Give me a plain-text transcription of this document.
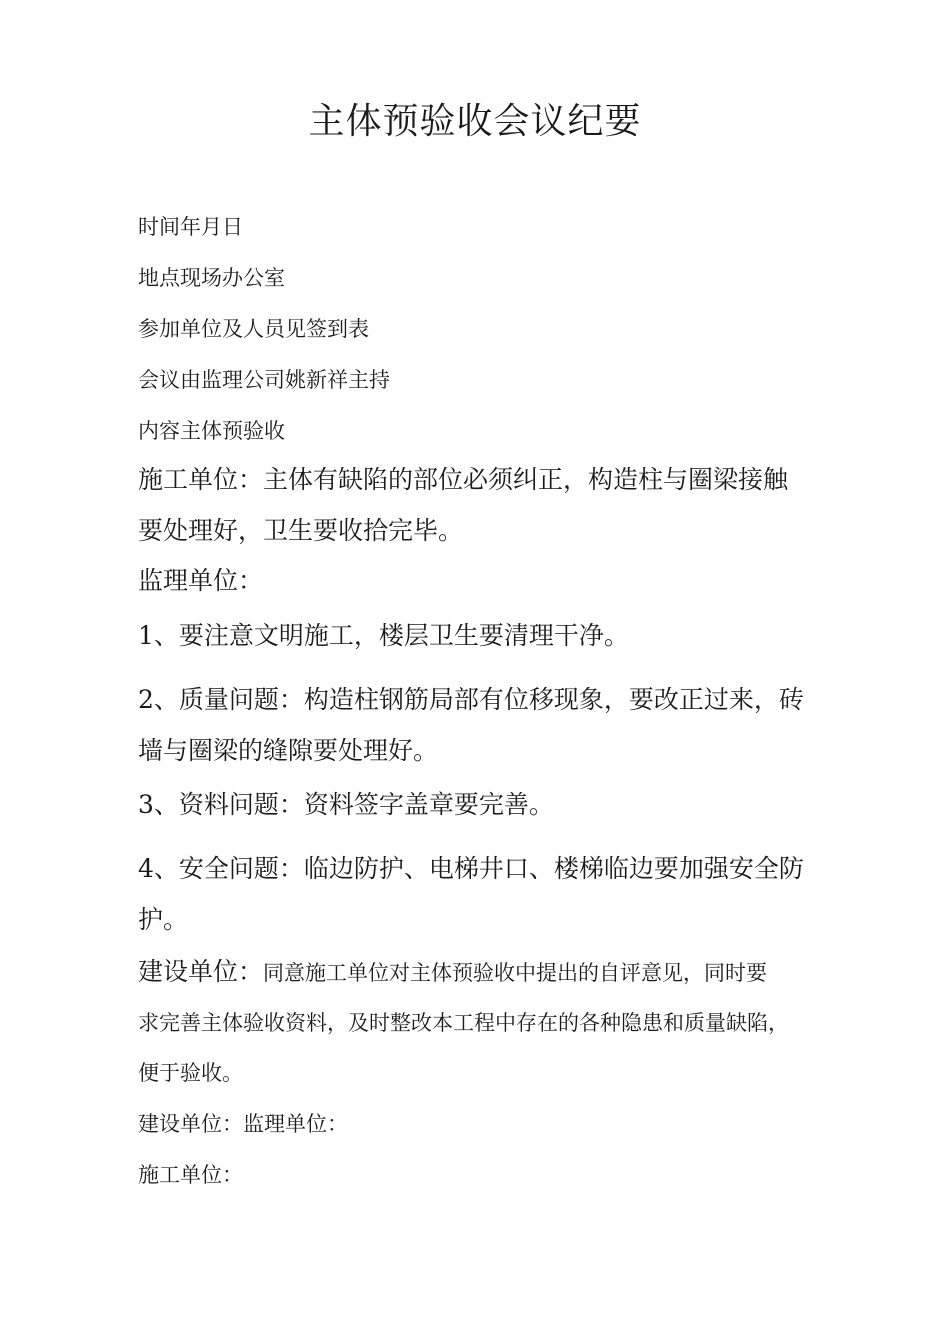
主体预验收会议纪要

时间年月日

地点现场办公室

参加单位及人员见签到表

会议由监理公司姚新祥主持

内容主体预验收

施工单位：主体有缺陷的部位必须纠正，构造柱与圈梁接触

要处理好，卫生要收拾完毕。

监理单位：

1、要注意文明施工，楼层卫生要清理干净。

2、质量问题：构造柱钢筋局部有位移现象，要改正过来，砖

墙与圈梁的缝隙要处理好。

3、资料问题：资料签字盖章要完善。

4、安全问题：临边防护、电梯井口、楼梯临边要加强安全防

护。

建设单位：同意施工单位对主体预验收中提出的自评意见，同时要

求完善主体验收资料，及时整改本工程中存在的各种隐患和质量缺陷，

便于验收。

建设单位：监理单位：

施工单位：
